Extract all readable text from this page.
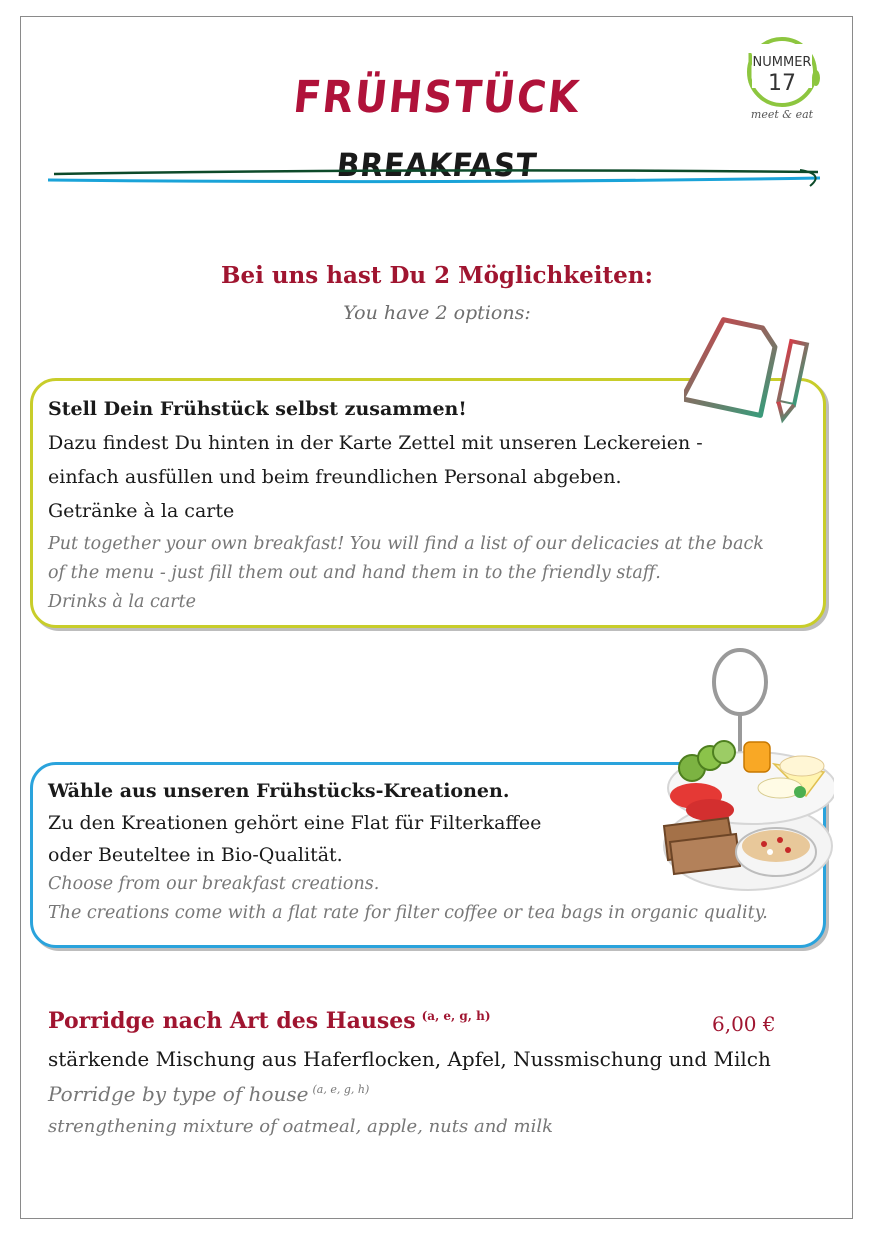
FRÜHSTÜCK
BREAKFAST
NUMMER
17
meet & eat
Bei uns hast Du 2 Möglichkeiten:
You have 2 options:
Stell Dein Frühstück selbst zusammen!
Dazu findest Du hinten in der Karte Zettel mit unseren Leckereien -
einfach ausfüllen und beim freundlichen Personal abgeben.
Getränke à la carte
Put together your own breakfast! You will find a list of our delicacies at the back
of the menu - just fill them out and hand them in to the friendly staff.
Drinks à la carte
Wähle aus unseren Frühstücks-Kreationen.
Zu den Kreationen gehört eine Flat für Filterkaffee
oder Beuteltee in Bio-Qualität.
Choose from our breakfast creations.
The creations come with a flat rate for filter coffee or tea bags in organic quality.
Porridge nach Art des Hauses $^{(a, e, g, h)}$	6,00 €
stärkende Mischung aus Haferflocken, Apfel, Nussmischung und Milch
Porridge by type of house $^{(a, e, g, h)}$
strengthening mixture of oatmeal, apple, nuts and milk
